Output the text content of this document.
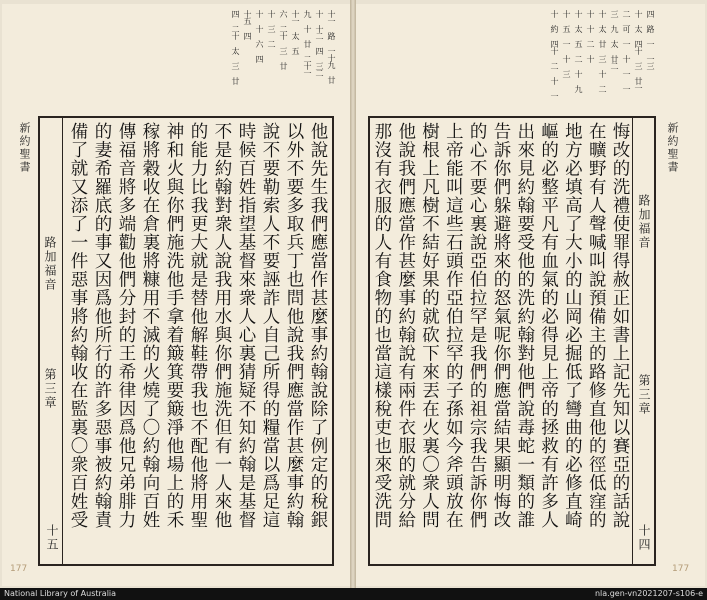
十一 路 一十九 廿
十 十二 四 三二
九 十 廿 二十一
十一 太 五
六 二十 三 廿
十 三 二
十 十 六 四
十五 四
四 二十 太 三 廿
新約聖書
路加福音
第三章
十五
他說先生我們應當作甚麼事約翰說除了例定的稅銀
以外不要多取兵丁也問他說我們應當作甚麼事約翰
說不要勒索人不要誣詐人自己所得的糧當以爲足這
時候百姓指望基督來衆人心裏猜疑不知約翰是基督
不是約翰對衆人說我用水與你們施洗但有一人來他
的能力比我更大就是替他解鞋帶我也不配他將用聖
神和火與你們施洗他手拿着簸箕要簸淨他場上的禾
稼將穀收在倉裏將糠用不滅的火燒了〇約翰向百姓
傳福音將多端勸他們分封的王希律因爲他兄弟腓力
的妻希羅底的事又因爲他所行的許多惡事被約翰責
備了就又添了一件惡事將約翰收在監裏〇衆百姓受
四 路 一 一三
十 太 四十 三 廿一
二 可 一 十 一 一
三 九 太 廿二
十 太 廿 三 十 二
十 十 二 十
十 太 五 二 十 九
十 五 一 十 三
十 約 四十 二 十 一
新約聖書
路加福音
第三章
十四
悔改的洗禮使罪得赦正如書上記先知以賽亞的話說
在曠野有人聲喊叫說預備主的路修直他的徑低窪的
地方必填高了大小的山岡必掘低了彎曲的必修直崎
嶇的必整平凡有血氣的必得見上帝的拯救有許多人
出來見約翰要受他的洗約翰對他們說毒蛇一類的誰
告訴你們躲避將來的怒氣呢你們應當結果顯明悔改
的心不要心裏說亞伯拉罕是我們的祖宗我告訴你們
上帝能叫這些石頭作亞伯拉罕的子孫如今斧頭放在
樹根上凡樹不結好果的就砍下來丟在火裏〇衆人問
他說我們應當作甚麼事約翰說有兩件衣服的就分給
那沒有衣服的人有食物的也當這樣稅吏也來受洗問
177	177
National Library of Australia	nla.gen-vn2021207-s106-e
